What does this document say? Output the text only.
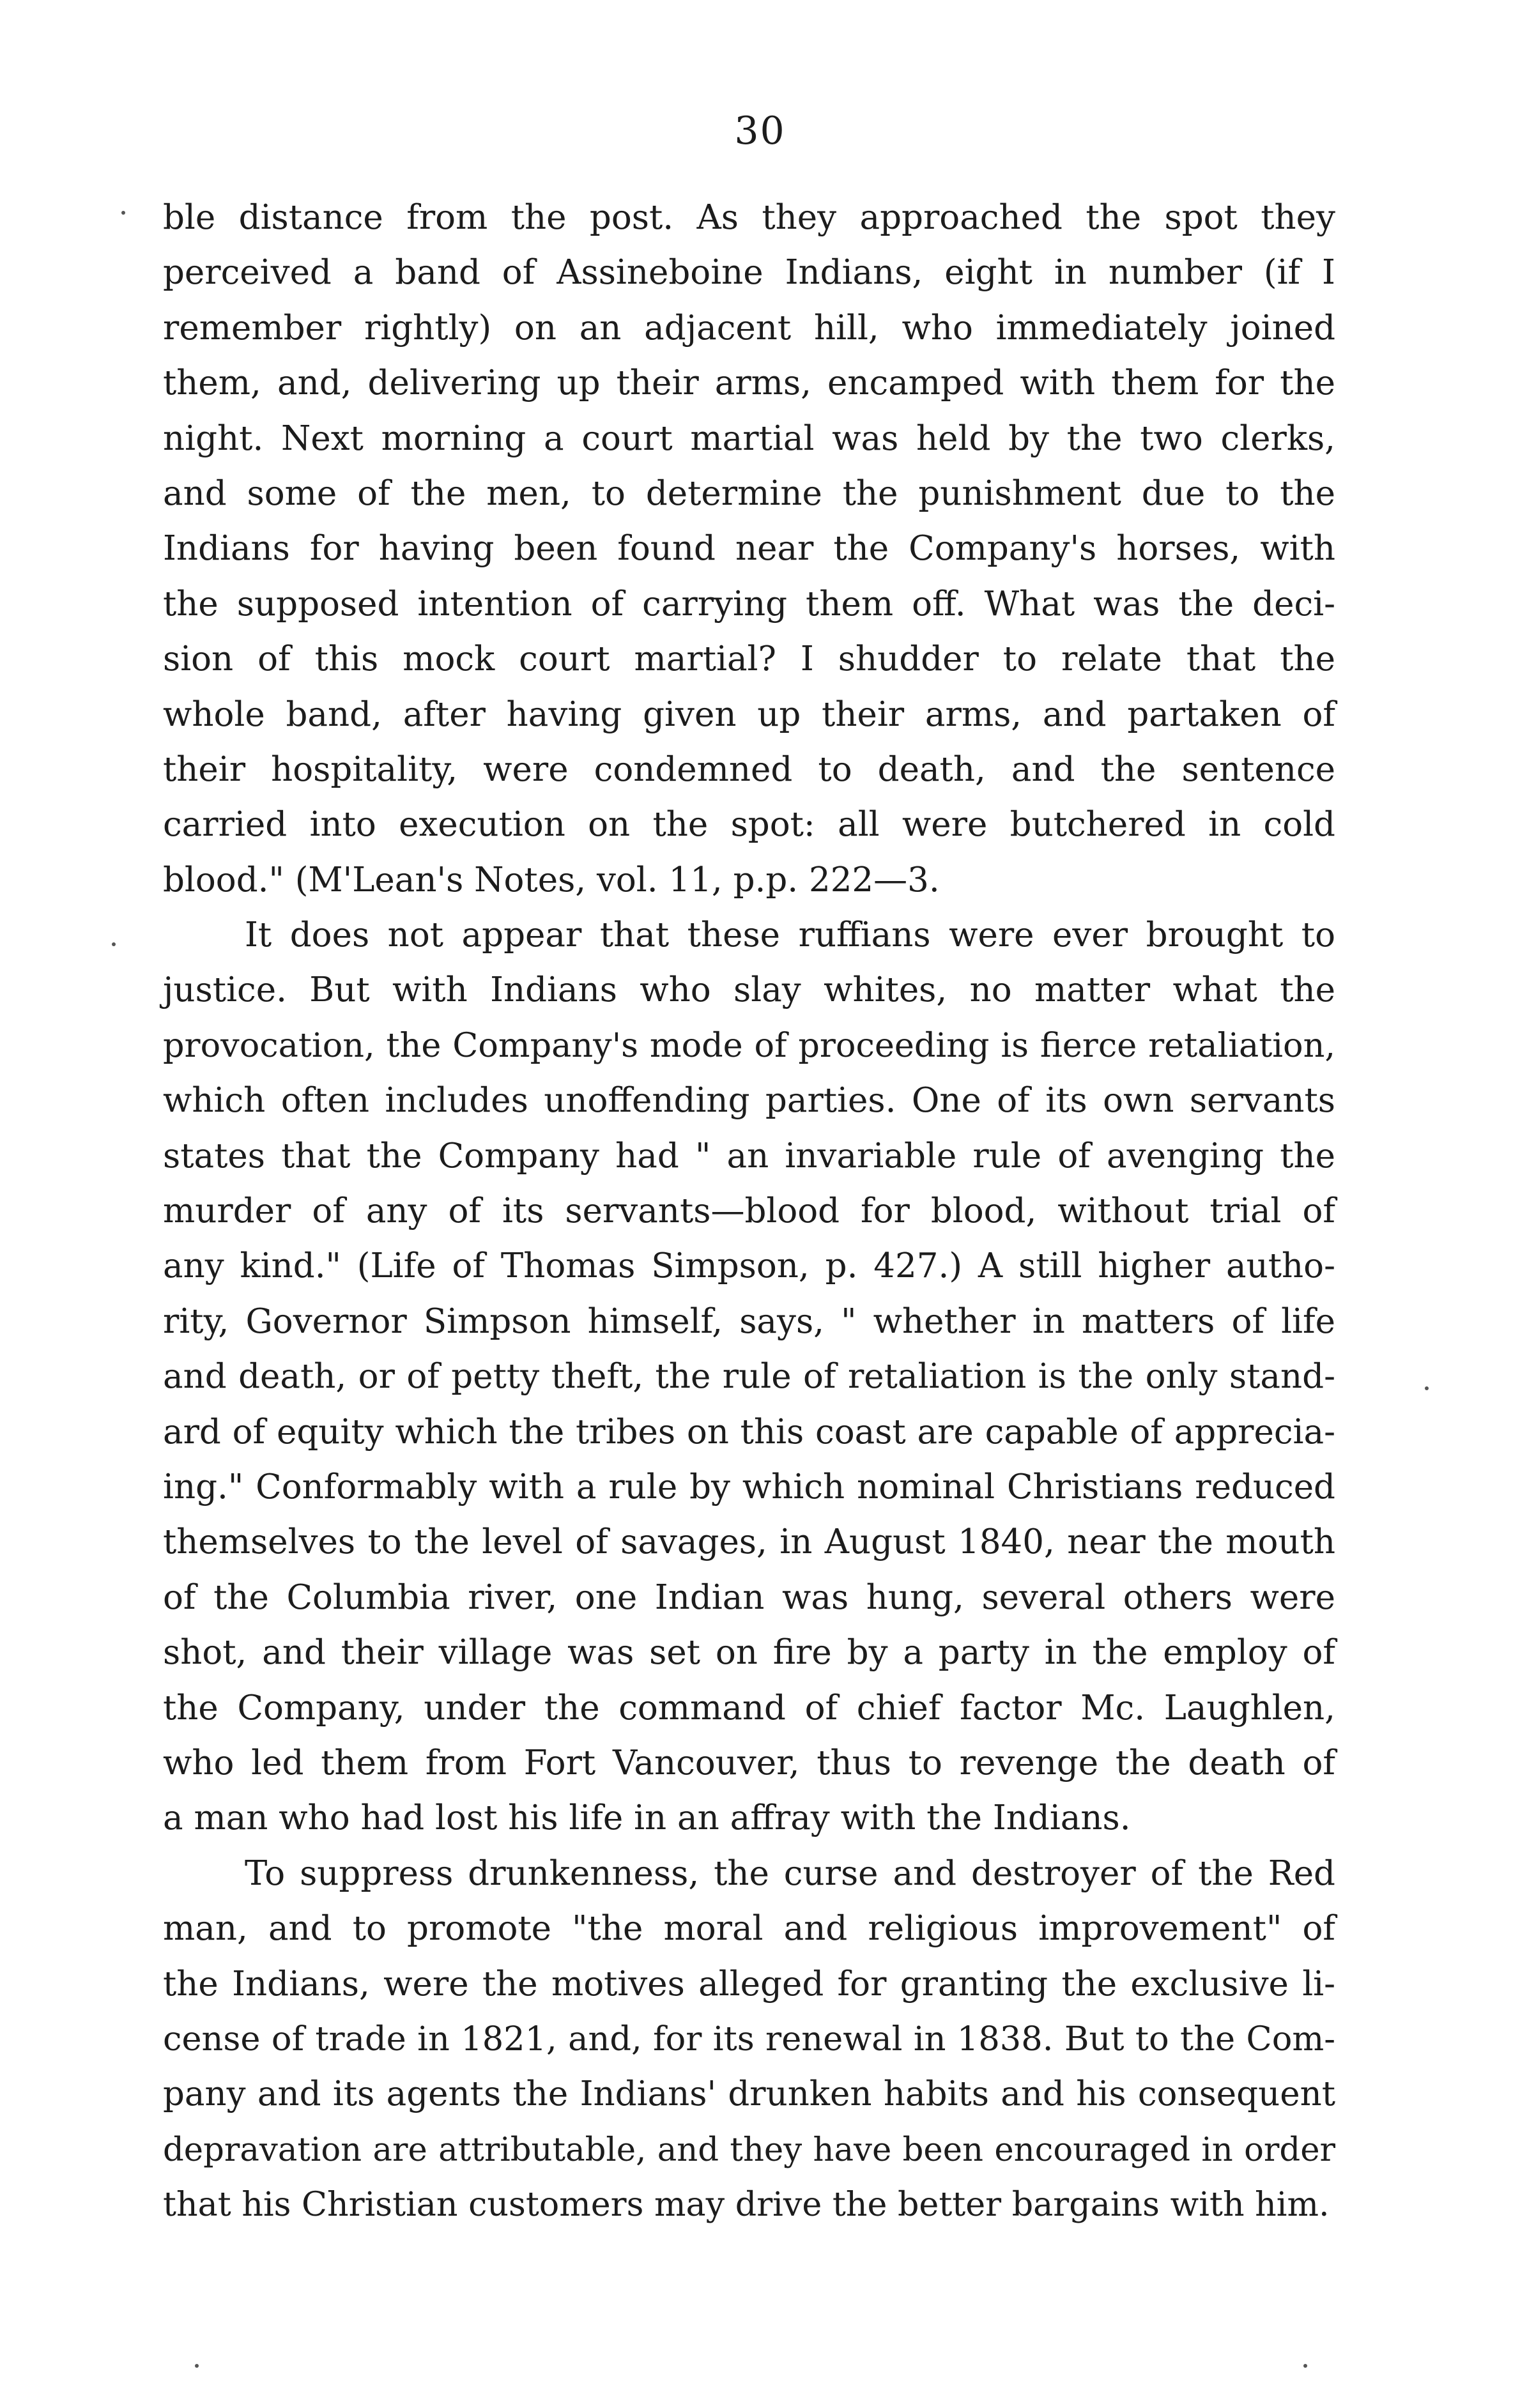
30
ble distance from the post. As they approached the spot they
perceived a band of Assineboine Indians, eight in number (if I
remember rightly) on an adjacent hill, who immediately joined
them, and, delivering up their arms, encamped with them for the
night. Next morning a court martial was held by the two clerks,
and some of the men, to determine the punishment due to the
Indians for having been found near the Company's horses, with
the supposed intention of carrying them off. What was the deci-
sion of this mock court martial? I shudder to relate that the
whole band, after having given up their arms, and partaken of
their hospitality, were condemned to death, and the sentence
carried into execution on the spot: all were butchered in cold
blood." (M'Lean's Notes, vol. 11, p.p. 222—3.
It does not appear that these ruffians were ever brought to
justice. But with Indians who slay whites, no matter what the
provocation, the Company's mode of proceeding is fierce retaliation,
which often includes unoffending parties. One of its own servants
states that the Company had " an invariable rule of avenging the
murder of any of its servants—blood for blood, without trial of
any kind." (Life of Thomas Simpson, p. 427.) A still higher autho-
rity, Governor Simpson himself, says, " whether in matters of life
and death, or of petty theft, the rule of retaliation is the only stand-
ard of equity which the tribes on this coast are capable of apprecia-
ing." Conformably with a rule by which nominal Christians reduced
themselves to the level of savages, in August 1840, near the mouth
of the Columbia river, one Indian was hung, several others were
shot, and their village was set on fire by a party in the employ of
the Company, under the command of chief factor Mc. Laughlen,
who led them from Fort Vancouver, thus to revenge the death of
a man who had lost his life in an affray with the Indians.
To suppress drunkenness, the curse and destroyer of the Red
man, and to promote "the moral and religious improvement" of
the Indians, were the motives alleged for granting the exclusive li-
cense of trade in 1821, and, for its renewal in 1838. But to the Com-
pany and its agents the Indians' drunken habits and his consequent
depravation are attributable, and they have been encouraged in order
that his Christian customers may drive the better bargains with him.
